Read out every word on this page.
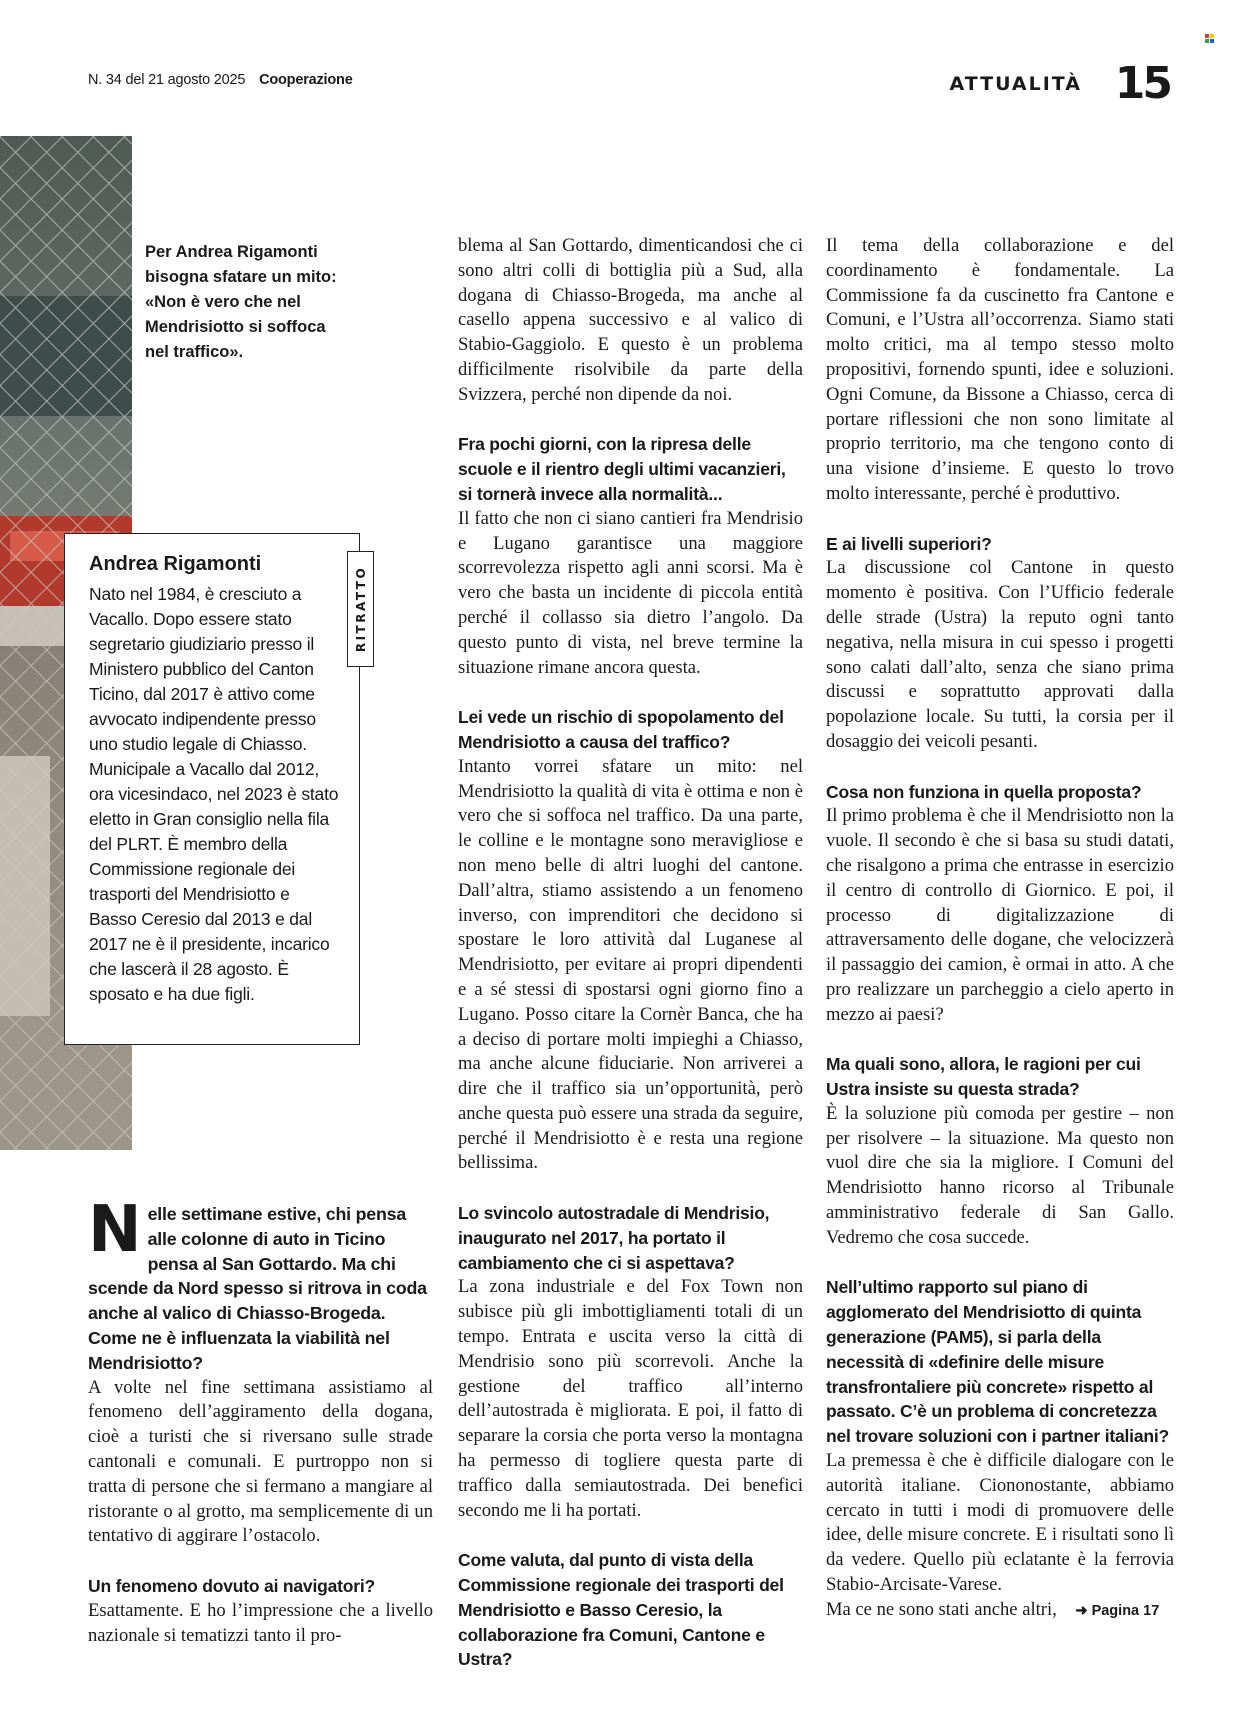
N. 34 del 21 agosto 2025 Cooperazione	ATTUALITÀ 15
Per Andrea Rigamonti bisogna sfatare un mito: «Non è vero che nel Mendrisiotto si soffoca nel traffico».
Andrea Rigamonti
Nato nel 1984, è cresciuto a Vacallo. Dopo essere stato segretario giudiziario presso il Ministero pubblico del Canton Ticino, dal 2017 è attivo come avvocato indipendente presso uno studio legale di Chiasso. Municipale a Vacallo dal 2012, ora vicesindaco, nel 2023 è stato eletto in Gran consiglio nella fila del PLRT. È membro della Commissione regionale dei trasporti del Mendrisiotto e Basso Ceresio dal 2013 e dal 2017 ne è il presidente, incarico che lascerà il 28 agosto. È sposato e ha due figli.
RITRATTO

Nelle settimane estive, chi pensa alle colonne di auto in Ticino pensa al San Gottardo. Ma chi scende da Nord spesso si ritrova in coda anche al valico di Chiasso-Brogeda. Come ne è influenzata la viabilità nel Mendrisiotto?

A volte nel fine settimana assistiamo al fenomeno dell’aggiramento della dogana, cioè a turisti che si riversano sulle strade cantonali e comunali. E purtroppo non si tratta di persone che si fermano a mangiare al ristorante o al grotto, ma semplicemente di un tentativo di aggirare l’ostacolo.

Un fenomeno dovuto ai navigatori?

Esattamente. E ho l’impressione che a livello nazionale si tematizzi tanto il pro-

blema al San Gottardo, dimenticandosi che ci sono altri colli di bottiglia più a Sud, alla dogana di Chiasso-Brogeda, ma anche al casello appena successivo e al valico di Stabio-Gaggiolo. E questo è un problema difficilmente risolvibile da parte della Svizzera, perché non dipende da noi.

Fra pochi giorni, con la ripresa delle scuole e il rientro degli ultimi vacanzieri, si tornerà invece alla normalità...

Il fatto che non ci siano cantieri fra Mendrisio e Lugano garantisce una maggiore scorrevolezza rispetto agli anni scorsi. Ma è vero che basta un incidente di piccola entità perché il collasso sia dietro l’angolo. Da questo punto di vista, nel breve termine la situazione rimane ancora questa.

Lei vede un rischio di spopolamento del Mendrisiotto a causa del traffico?

Intanto vorrei sfatare un mito: nel Mendrisiotto la qualità di vita è ottima e non è vero che si soffoca nel traffico. Da una parte, le colline e le montagne sono meravigliose e non meno belle di altri luoghi del cantone. Dall’altra, stiamo assistendo a un fenomeno inverso, con imprenditori che decidono si spostare le loro attività dal Luganese al Mendrisiotto, per evitare ai propri dipendenti e a sé stessi di spostarsi ogni giorno fino a Lugano. Posso citare la Cornèr Banca, che ha a deciso di portare molti impieghi a Chiasso, ma anche alcune fiduciarie. Non arriverei a dire che il traffico sia un’opportunità, però anche questa può essere una strada da seguire, perché il Mendrisiotto è e resta una regione bellissima.

Lo svincolo autostradale di Mendrisio, inaugurato nel 2017, ha portato il cambiamento che ci si aspettava?

La zona industriale e del Fox Town non subisce più gli imbottigliamenti totali di un tempo. Entrata e uscita verso la città di Mendrisio sono più scorrevoli. Anche la gestione del traffico all’interno dell’autostrada è migliorata. E poi, il fatto di separare la corsia che porta verso la montagna ha permesso di togliere questa parte di traffico dalla semiautostrada. Dei benefici secondo me li ha portati.

Come valuta, dal punto di vista della Commissione regionale dei trasporti del Mendrisiotto e Basso Ceresio, la collaborazione fra Comuni, Cantone e Ustra?

Il tema della collaborazione e del coordinamento è fondamentale. La Commissione fa da cuscinetto fra Cantone e Comuni, e l’Ustra all’occorrenza. Siamo stati molto critici, ma al tempo stesso molto propositivi, fornendo spunti, idee e soluzioni. Ogni Comune, da Bissone a Chiasso, cerca di portare riflessioni che non sono limitate al proprio territorio, ma che tengono conto di una visione d’insieme. E questo lo trovo molto interessante, perché è produttivo.

E ai livelli superiori?

La discussione col Cantone in questo momento è positiva. Con l’Ufficio federale delle strade (Ustra) la reputo ogni tanto negativa, nella misura in cui spesso i progetti sono calati dall’alto, senza che siano prima discussi e soprattutto approvati dalla popolazione locale. Su tutti, la corsia per il dosaggio dei veicoli pesanti.

Cosa non funziona in quella proposta?

Il primo problema è che il Mendrisiotto non la vuole. Il secondo è che si basa su studi datati, che risalgono a prima che entrasse in esercizio il centro di controllo di Giornico. E poi, il processo di digitalizzazione di attraversamento delle dogane, che velocizzerà il passaggio dei camion, è ormai in atto. A che pro realizzare un parcheggio a cielo aperto in mezzo ai paesi?

Ma quali sono, allora, le ragioni per cui Ustra insiste su questa strada?

È la soluzione più comoda per gestire – non per risolvere – la situazione. Ma questo non vuol dire che sia la migliore. I Comuni del Mendrisiotto hanno ricorso al Tribunale amministrativo federale di San Gallo. Vedremo che cosa succede.

Nell’ultimo rapporto sul piano di agglomerato del Mendrisiotto di quinta generazione (PAM5), si parla della necessità di «definire delle misure transfrontaliere più concrete» rispetto al passato. C’è un problema di concretezza nel trovare soluzioni con i partner italiani?

La premessa è che è difficile dialogare con le autorità italiane. Ciononostante, abbiamo cercato in tutti i modi di promuovere delle idee, delle misure concrete. E i risultati sono lì da vedere. Quello più eclatante è la ferrovia Stabio-Arcisate-Varese.

Ma ce ne sono stati anche altri, ➜ Pagina 17
